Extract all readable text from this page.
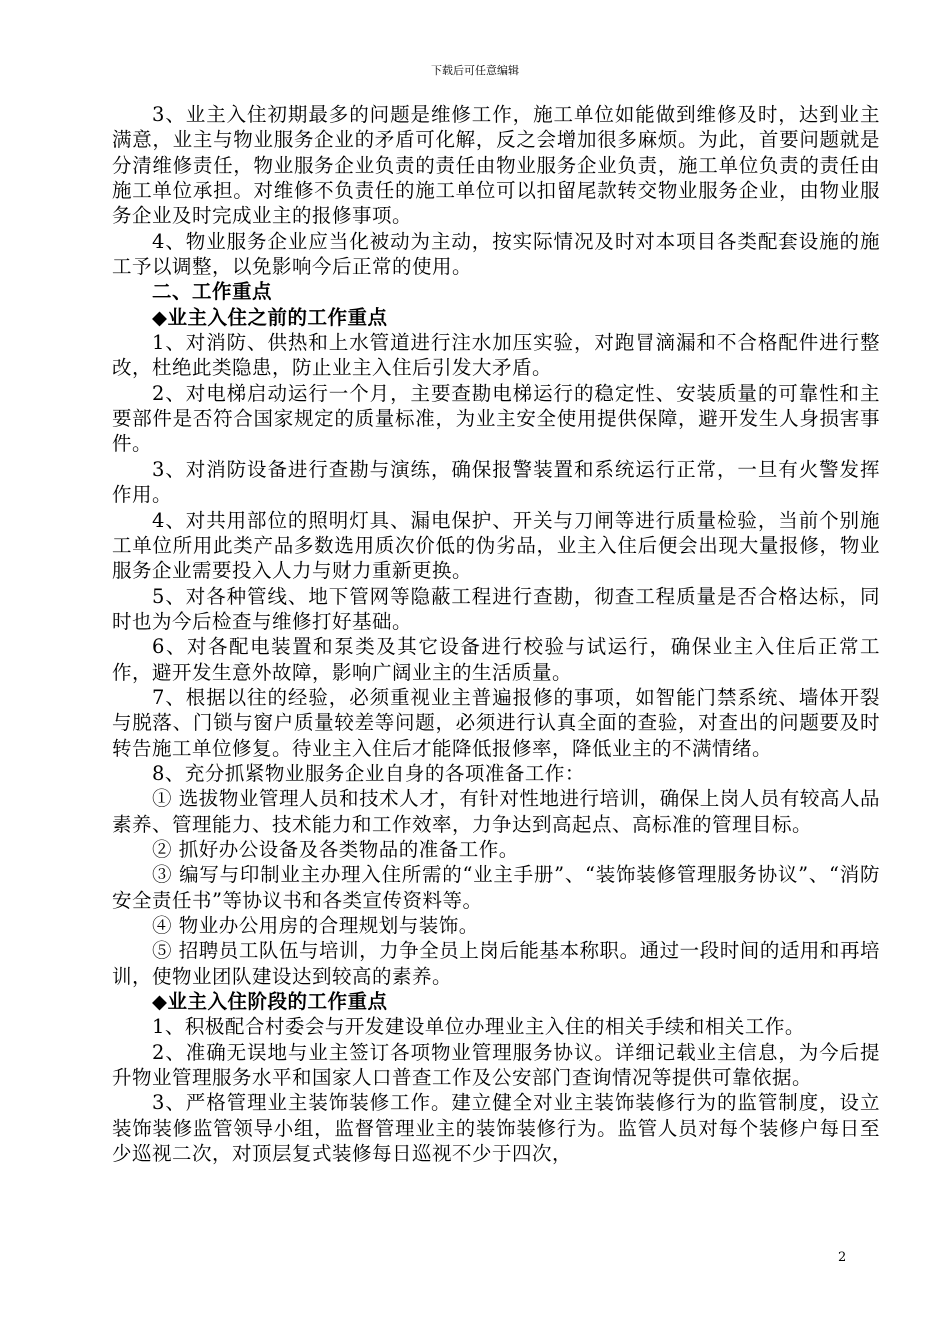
下载后可任意编辑

3、业主入住初期最多的问题是维修工作，施工单位如能做到维修及时，达到业主满意，业主与物业服务企业的矛盾可化解，反之会增加很多麻烦。为此，首要问题就是分清维修责任，物业服务企业负责的责任由物业服务企业负责，施工单位负责的责任由施工单位承担。对维修不负责任的施工单位可以扣留尾款转交物业服务企业，由物业服务企业及时完成业主的报修事项。

4、物业服务企业应当化被动为主动，按实际情况及时对本项目各类配套设施的施工予以调整，以免影响今后正常的使用。

二、工作重点

◆业主入住之前的工作重点

1、对消防、供热和上水管道进行注水加压实验，对跑冒滴漏和不合格配件进行整改，杜绝此类隐患，防止业主入住后引发大矛盾。

2、对电梯启动运行一个月，主要查勘电梯运行的稳定性、安装质量的可靠性和主要部件是否符合国家规定的质量标准，为业主安全使用提供保障，避开发生人身损害事件。

3、对消防设备进行查勘与演练，确保报警装置和系统运行正常，一旦有火警发挥作用。

4、对共用部位的照明灯具、漏电保护、开关与刀闸等进行质量检验，当前个别施工单位所用此类产品多数选用质次价低的伪劣品，业主入住后便会出现大量报修，物业服务企业需要投入人力与财力重新更换。

5、对各种管线、地下管网等隐蔽工程进行查勘，彻查工程质量是否合格达标，同时也为今后检查与维修打好基础。

6、对各配电装置和泵类及其它设备进行校验与试运行，确保业主入住后正常工作，避开发生意外故障，影响广阔业主的生活质量。

7、根据以往的经验，必须重视业主普遍报修的事项，如智能门禁系统、墙体开裂与脱落、门锁与窗户质量较差等问题，必须进行认真全面的查验，对查出的问题要及时转告施工单位修复。待业主入住后才能降低报修率，降低业主的不满情绪。

8、充分抓紧物业服务企业自身的各项准备工作：

① 选拔物业管理人员和技术人才，有针对性地进行培训，确保上岗人员有较高人品素养、管理能力、技术能力和工作效率，力争达到高起点、高标准的管理目标。

② 抓好办公设备及各类物品的准备工作。

③ 编写与印制业主办理入住所需的“业主手册”、“装饰装修管理服务协议”、“消防安全责任书”等协议书和各类宣传资料等。

④ 物业办公用房的合理规划与装饰。

⑤ 招聘员工队伍与培训，力争全员上岗后能基本称职。通过一段时间的适用和再培训，使物业团队建设达到较高的素养。

◆业主入住阶段的工作重点

1、积极配合村委会与开发建设单位办理业主入住的相关手续和相关工作。

2、准确无误地与业主签订各项物业管理服务协议。详细记载业主信息，为今后提升物业管理服务水平和国家人口普查工作及公安部门查询情况等提供可靠依据。

3、严格管理业主装饰装修工作。建立健全对业主装饰装修行为的监管制度，设立装饰装修监管领导小组，监督管理业主的装饰装修行为。监管人员对每个装修户每日至少巡视二次，对顶层复式装修每日巡视不少于四次，

2
